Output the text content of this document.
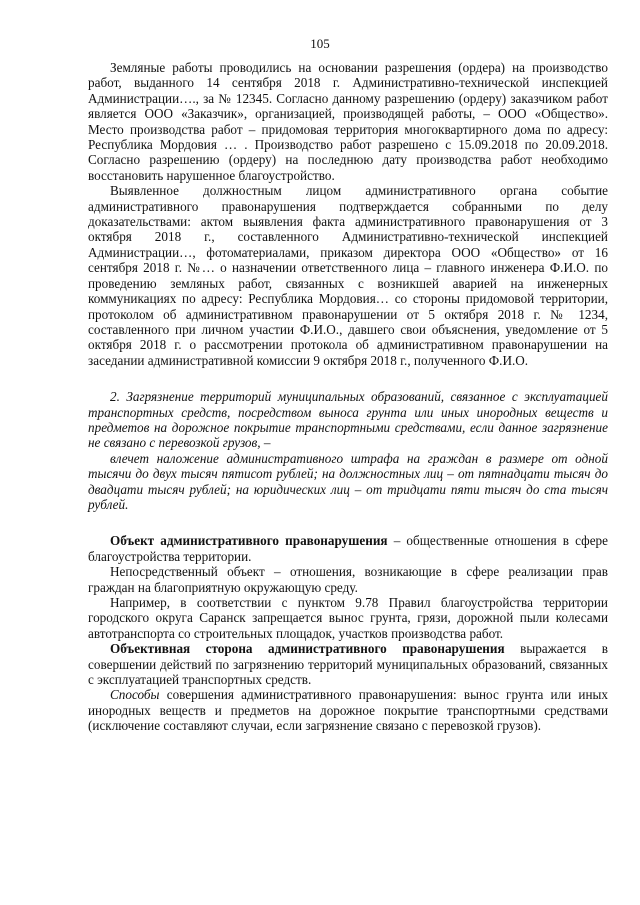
105

Земляные работы проводились на основании разрешения (ордера) на производство работ, выданного 14 сентября 2018 г. Административно-технической инспекцией Администрации…., за № 12345. Согласно данному разрешению (ордеру) заказчиком работ является ООО «Заказчик», организацией, производящей работы, – ООО «Общество». Место производства работ – придомовая территория многоквартирного дома по адресу: Республика Мордовия … . Производство работ разрешено с 15.09.2018 по 20.09.2018. Согласно разрешению (ордеру) на последнюю дату производства работ необходимо восстановить нарушенное благоустройство.

Выявленное должностным лицом административного органа событие административного правонарушения подтверждается собранными по делу доказательствами: актом выявления факта административного правонарушения от 3 октября 2018 г., составленного Административно-технической инспекцией Администрации…, фотоматериалами, приказом директора ООО «Общество» от 16 сентября 2018 г. №… о назначении ответственного лица – главного инженера Ф.И.О. по проведению земляных работ, связанных с возникшей аварией на инженерных коммуникациях по адресу: Республика Мордовия… со стороны придомовой территории, протоколом об административном правонарушении от 5 октября 2018 г. № 1234, составленного при личном участии Ф.И.О., давшего свои объяснения, уведомление от 5 октября 2018 г. о рассмотрении протокола об административном правонарушении на заседании административной комиссии 9 октября 2018 г., полученного Ф.И.О.

2. Загрязнение территорий муниципальных образований, связанное с эксплуатацией транспортных средств, посредством выноса грунта или иных инородных веществ и предметов на дорожное покрытие транспортными средствами, если данное загрязнение не связано с перевозкой грузов, –

влечет наложение административного штрафа на граждан в размере от одной тысячи до двух тысяч пятисот рублей; на должностных лиц – от пятнадцати тысяч до двадцати тысяч рублей; на юридических лиц – от тридцати пяти тысяч до ста тысяч рублей.

Объект административного правонарушения – общественные отношения в сфере благоустройства территории.

Непосредственный объект – отношения, возникающие в сфере реализации прав граждан на благоприятную окружающую среду.

Например, в соответствии с пунктом 9.78 Правил благоустройства территории городского округа Саранск запрещается вынос грунта, грязи, дорожной пыли колесами автотранспорта со строительных площадок, участков производства работ.

Объективная сторона административного правонарушения выражается в совершении действий по загрязнению территорий муниципальных образований, связанных с эксплуатацией транспортных средств.

Способы совершения административного правонарушения: вынос грунта или иных инородных веществ и предметов на дорожное покрытие транспортными средствами (исключение составляют случаи, если загрязнение связано с перевозкой грузов).
